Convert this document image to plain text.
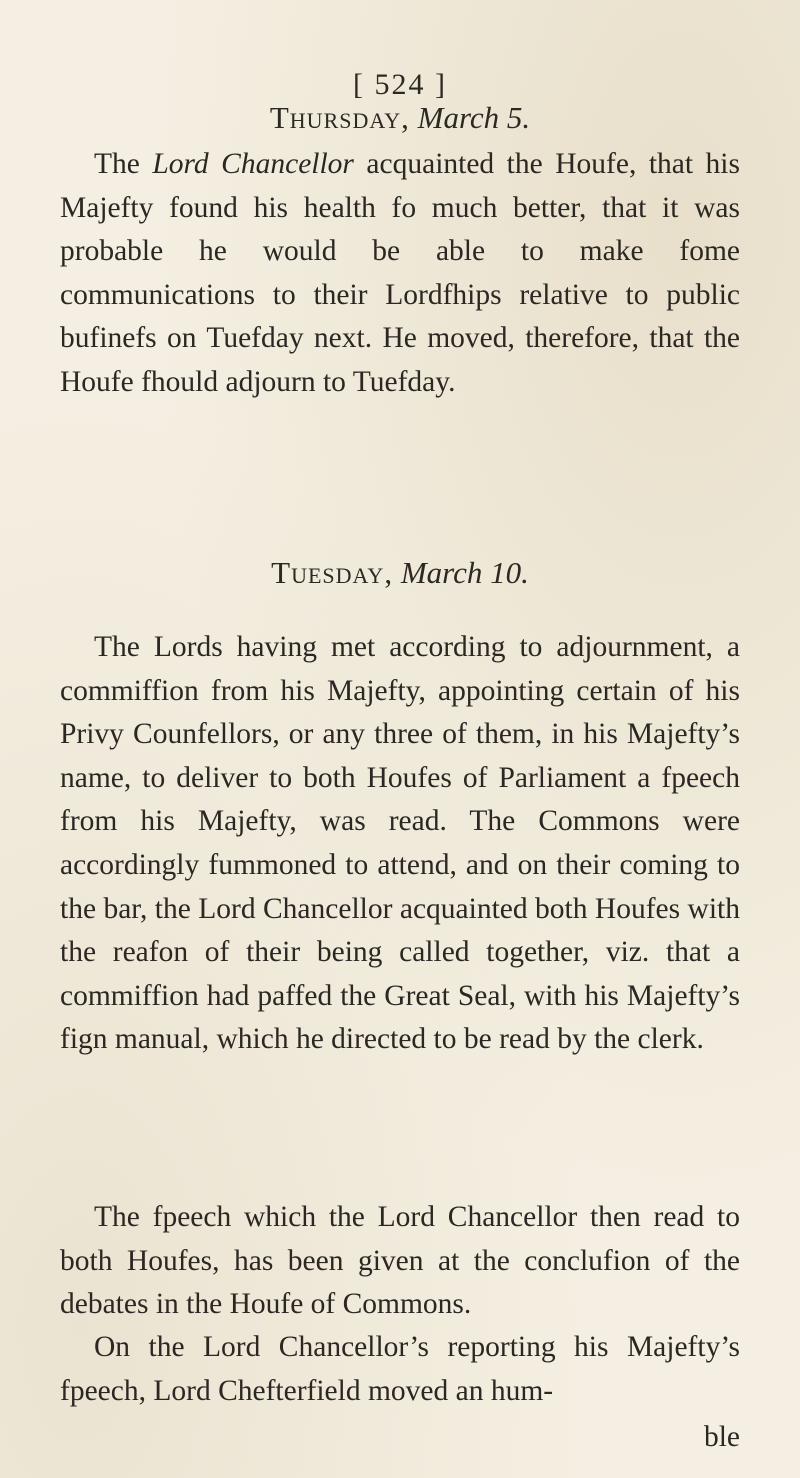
[ 524 ]
Thursday, March 5.
The Lord Chancellor acquainted the Houfe, that his Majefty found his health fo much better, that it was probable he would be able to make fome communications to their Lordfhips relative to public bufinefs on Tuefday next. He moved, therefore, that the Houfe fhould adjourn to Tuefday.
Tuesday, March 10.
The Lords having met according to adjournment, a commiffion from his Majefty, appointing certain of his Privy Counfellors, or any three of them, in his Majefty’s name, to deliver to both Houfes of Parliament a fpeech from his Majefty, was read. The Commons were accordingly fummoned to attend, and on their coming to the bar, the Lord Chancellor acquainted both Houfes with the reafon of their being called together, viz. that a commiffion had paffed the Great Seal, with his Majefty’s fign manual, which he directed to be read by the clerk.
The fpeech which the Lord Chancellor then read to both Houfes, has been given at the conclufion of the debates in the Houfe of Commons.
On the Lord Chancellor’s reporting his Majefty’s fpeech, Lord Chefterfield moved an hum-
ble
